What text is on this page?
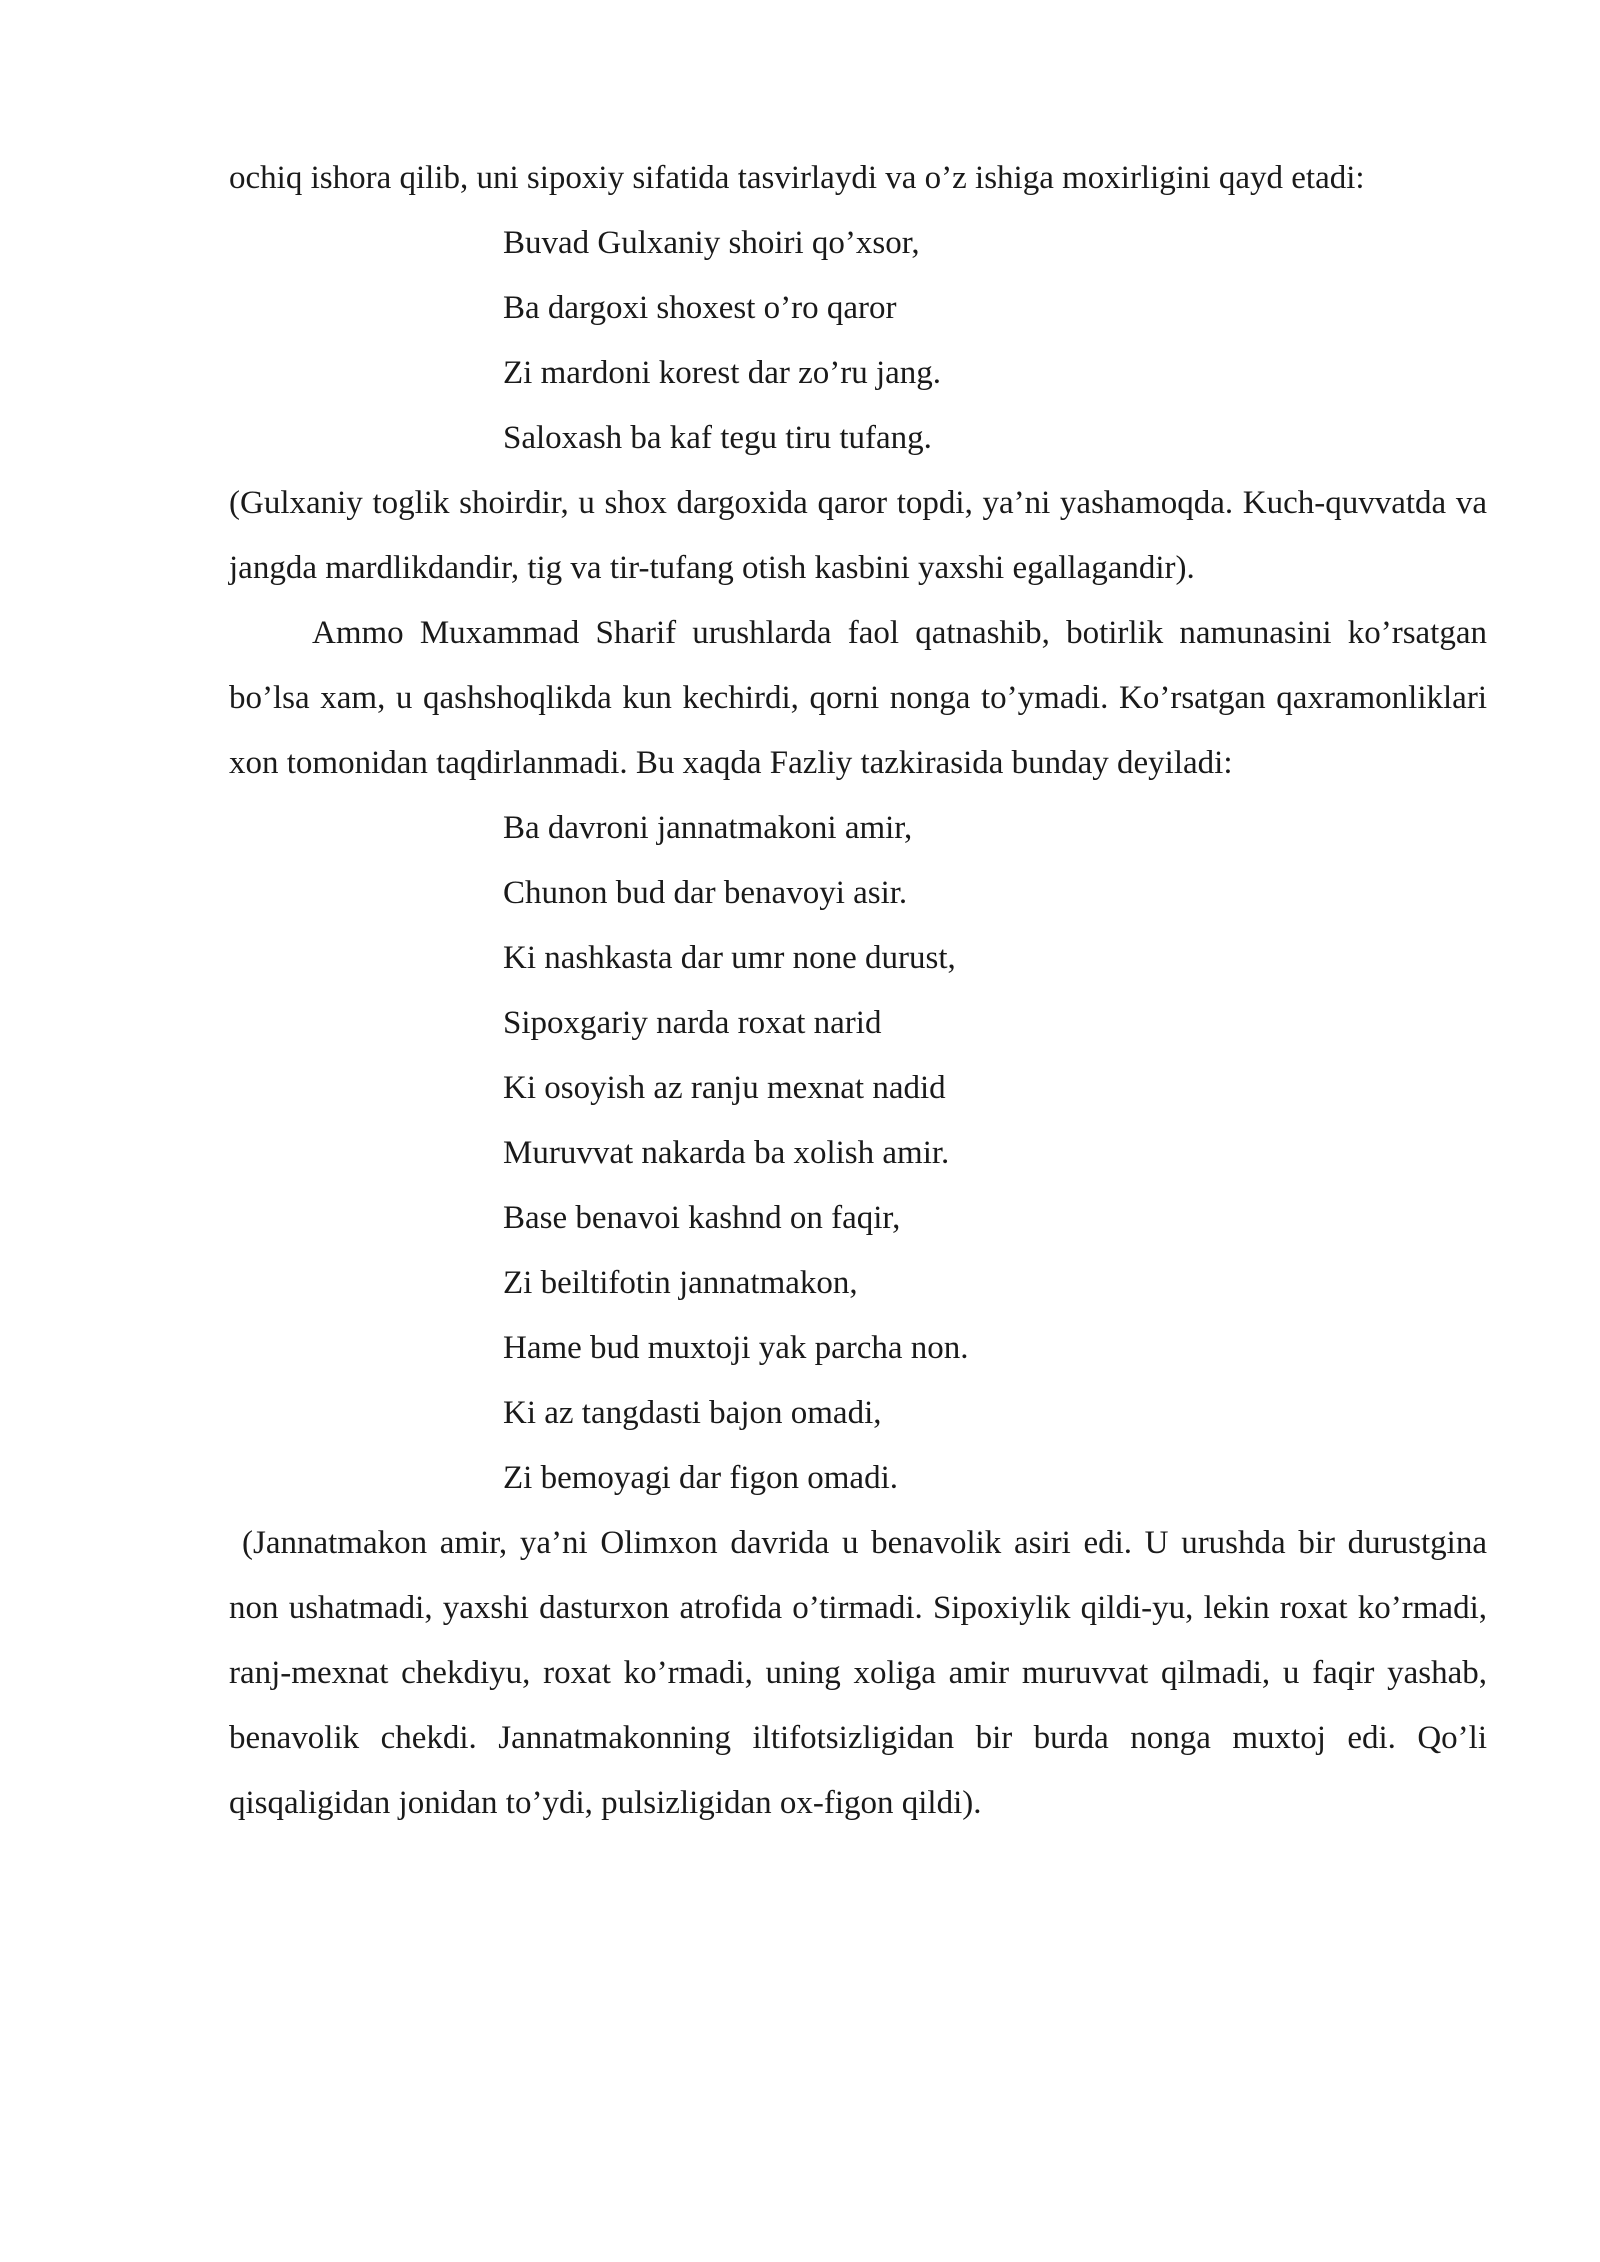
ochiq ishora qilib, uni sipoxiy sifatida tasvirlaydi va o’z ishiga moxirligini qayd etadi:

Buvad Gulxaniy shoiri qo’xsor,
Ba dargoxi shoxest o’ro qaror
Zi mardoni korest dar zo’ru jang.
Saloxash ba kaf tegu tiru tufang.

(Gulxaniy toglik shoirdir, u shox dargoxida qaror topdi, ya’ni yashamoqda. Kuch-quvvatda va jangda mardlikdandir, tig va tir-tufang otish kasbini yaxshi egallagandir).

Ammo Muxammad Sharif urushlarda faol qatnashib, botirlik namunasini ko’rsatgan bo’lsa xam, u qashshoqlikda kun kechirdi, qorni nonga to’ymadi. Ko’rsatgan qaxramonliklari xon tomonidan taqdirlanmadi. Bu xaqda Fazliy tazkirasida bunday deyiladi:

Ba davroni jannatmakoni amir,
Chunon bud dar benavoyi asir.
Ki nashkasta dar umr none durust,
Sipoxgariy narda roxat narid
Ki osoyish az ranju mexnat nadid
Muruvvat nakarda ba xolish amir.
Base benavoi kashnd on faqir,
Zi beiltifotin jannatmakon,
Hame bud muxtoji yak parcha non.
Ki az tangdasti bajon omadi,
Zi bemoyagi dar figon omadi.

(Jannatmakon amir, ya’ni Olimxon davrida u benavolik asiri edi. U urushda bir durustgina non ushatmadi, yaxshi dasturxon atrofida o’tirmadi. Sipoxiylik qildi-yu, lekin roxat ko’rmadi, ranj-mexnat chekdiyu, roxat ko’rmadi, uning xoliga amir muruvvat qilmadi, u faqir yashab, benavolik chekdi. Jannatmakonning iltifotsizligidan bir burda nonga muxtoj edi. Qo’li qisqaligidan jonidan to’ydi, pulsizligidan ox-figon qildi).
